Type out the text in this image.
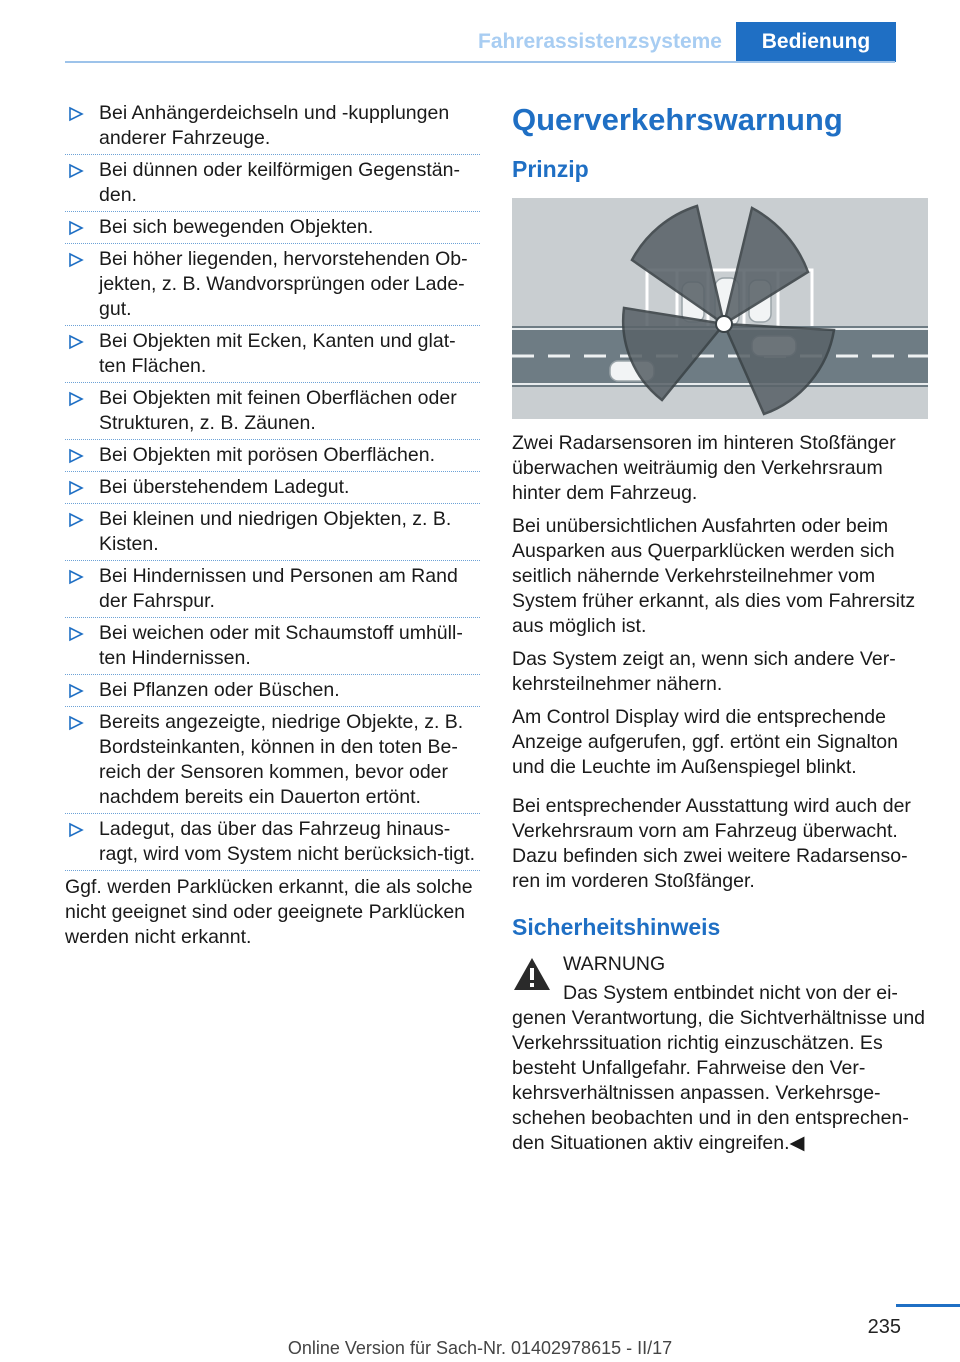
Fahrerassistenzsysteme	Bedienung
Bei Anhängerdeichseln und -kupplungen anderer Fahrzeuge.
Bei dünnen oder keilförmigen Gegenstän-den.
Bei sich bewegenden Objekten.
Bei höher liegenden, hervorstehenden Ob-jekten, z. B. Wandvorsprüngen oder Lade-gut.
Bei Objekten mit Ecken, Kanten und glat-ten Flächen.
Bei Objekten mit feinen Oberflächen oder Strukturen, z. B. Zäunen.
Bei Objekten mit porösen Oberflächen.
Bei überstehendem Ladegut.
Bei kleinen und niedrigen Objekten, z. B. Kisten.
Bei Hindernissen und Personen am Rand der Fahrspur.
Bei weichen oder mit Schaumstoff umhüll-ten Hindernissen.
Bei Pflanzen oder Büschen.
Bereits angezeigte, niedrige Objekte, z. B. Bordsteinkanten, können in den toten Be-reich der Sensoren kommen, bevor oder nachdem bereits ein Dauerton ertönt.
Ladegut, das über das Fahrzeug hinaus-ragt, wird vom System nicht berücksich-tigt.

Ggf. werden Parklücken erkannt, die als solche nicht geeignet sind oder geeignete Parklücken werden nicht erkannt.

Querverkehrswarnung
Prinzip

Zwei Radarsensoren im hinteren Stoßfänger überwachen weiträumig den Verkehrsraum hinter dem Fahrzeug.

Bei unübersichtlichen Ausfahrten oder beim Ausparken aus Querparklücken werden sich seitlich nähernde Verkehrsteilnehmer vom System früher erkannt, als dies vom Fahrersitz aus möglich ist.

Das System zeigt an, wenn sich andere Ver-kehrsteilnehmer nähern.

Am Control Display wird die entsprechende Anzeige aufgerufen, ggf. ertönt ein Signalton und die Leuchte im Außenspiegel blinkt.

Bei entsprechender Ausstattung wird auch der Verkehrsraum vorn am Fahrzeug überwacht. Dazu befinden sich zwei weitere Radarsenso-ren im vorderen Stoßfänger.

Sicherheitshinweis
WARNUNG

Das System entbindet nicht von der ei-genen Verantwortung, die Sichtverhältnisse und Verkehrssituation richtig einzuschätzen. Es besteht Unfallgefahr. Fahrweise den Ver-kehrsverhältnissen anpassen. Verkehrsge-schehen beobachten und in den entsprechen-den Situationen aktiv eingreifen.◀

235
Online Version für Sach-Nr. 01402978615 - II/17
